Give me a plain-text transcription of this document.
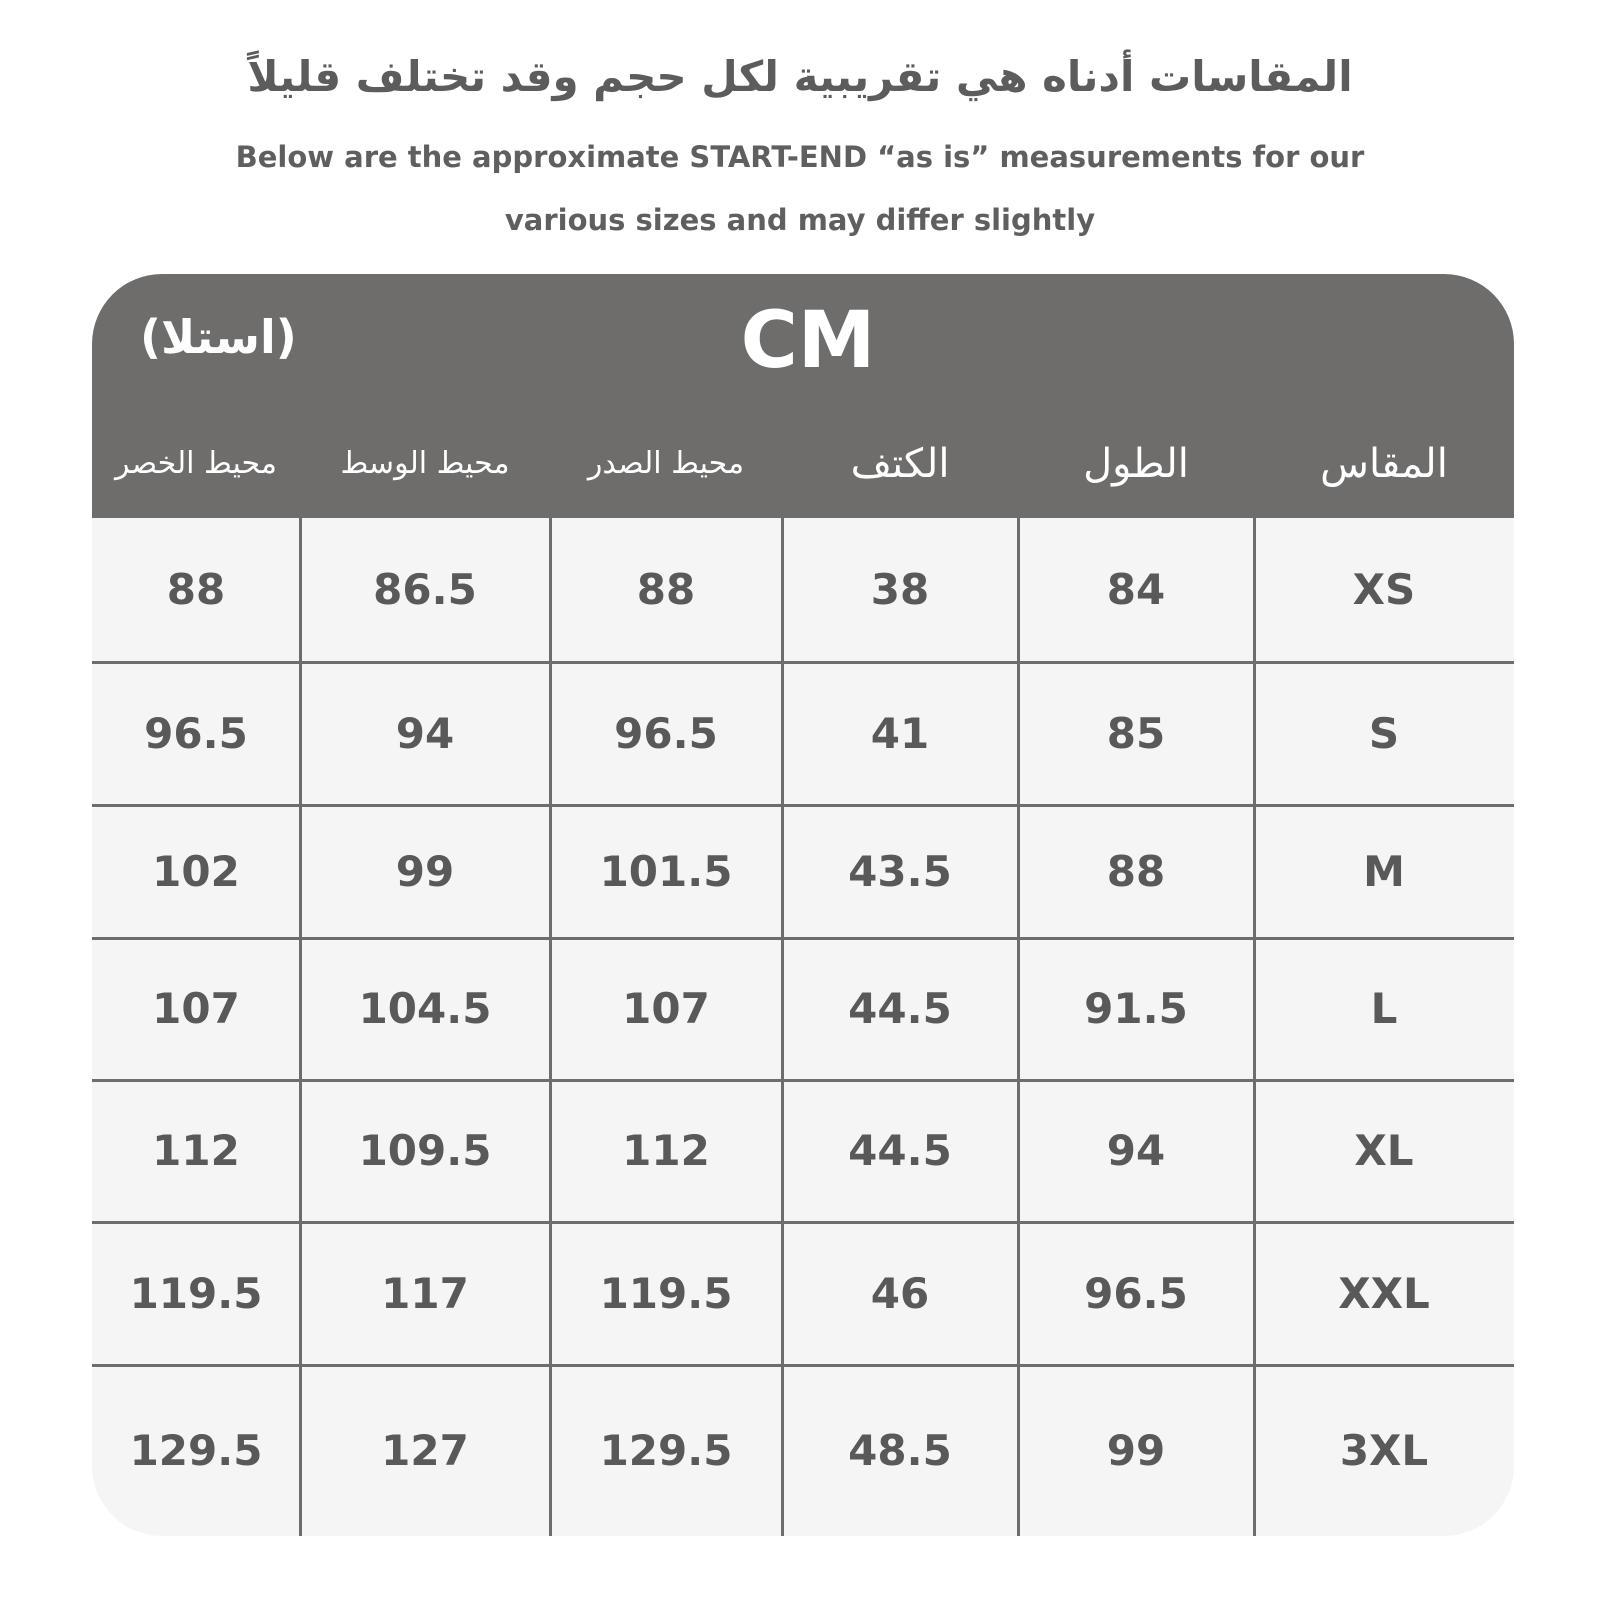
المقاسات أدناه هي تقريبية لكل حجم وقد تختلف قليلاً
Below are the approximate START-END “as is” measurements for our
various sizes and may differ slightly
CM
(استلا)
محيط الخصر	محيط الوسط	محيط الصدر	الكتف	الطول	المقاس
88	86.5	88	38	84	XS
96.5	94	96.5	41	85	S
102	99	101.5	43.5	88	M
107	104.5	107	44.5	91.5	L
112	109.5	112	44.5	94	XL
119.5	117	119.5	46	96.5	XXL
129.5	127	129.5	48.5	99	3XL
